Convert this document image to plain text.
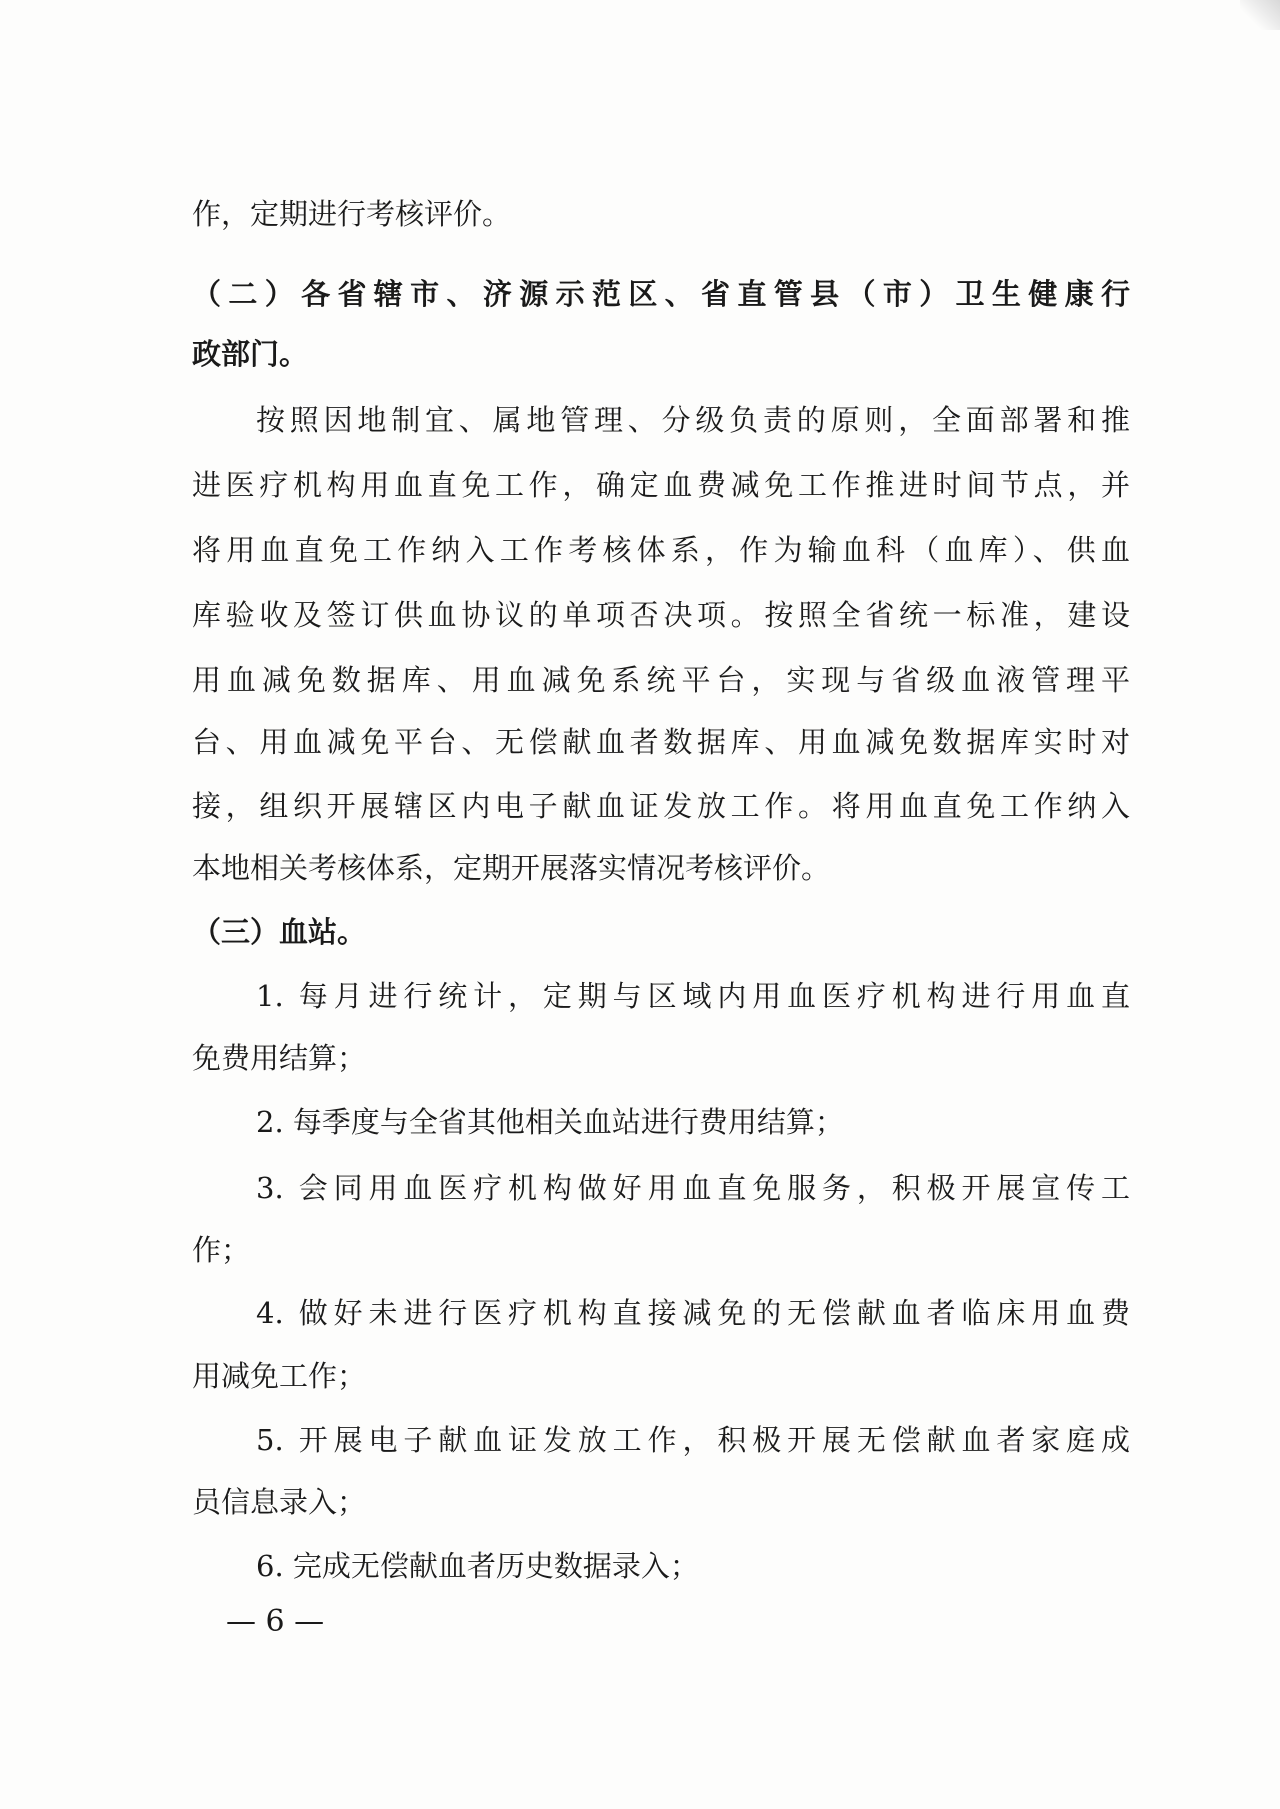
作，定期进行考核评价。
（二）各省辖市、济源示范区、省直管县（市）卫生健康行
政部门。
按照因地制宜、属地管理、分级负责的原则，全面部署和推
进医疗机构用血直免工作，确定血费减免工作推进时间节点，并
将用血直免工作纳入工作考核体系，作为输血科（血库）、供血
库验收及签订供血协议的单项否决项。按照全省统一标准，建设
用血减免数据库、用血减免系统平台，实现与省级血液管理平
台、用血减免平台、无偿献血者数据库、用血减免数据库实时对
接，组织开展辖区内电子献血证发放工作。将用血直免工作纳入
本地相关考核体系，定期开展落实情况考核评价。
（三）血站。
1. 每月进行统计，定期与区域内用血医疗机构进行用血直
免费用结算；
2. 每季度与全省其他相关血站进行费用结算；
3. 会同用血医疗机构做好用血直免服务，积极开展宣传工
作；
4. 做好未进行医疗机构直接减免的无偿献血者临床用血费
用减免工作；
5. 开展电子献血证发放工作，积极开展无偿献血者家庭成
员信息录入；
6. 完成无偿献血者历史数据录入；
— 6 —
